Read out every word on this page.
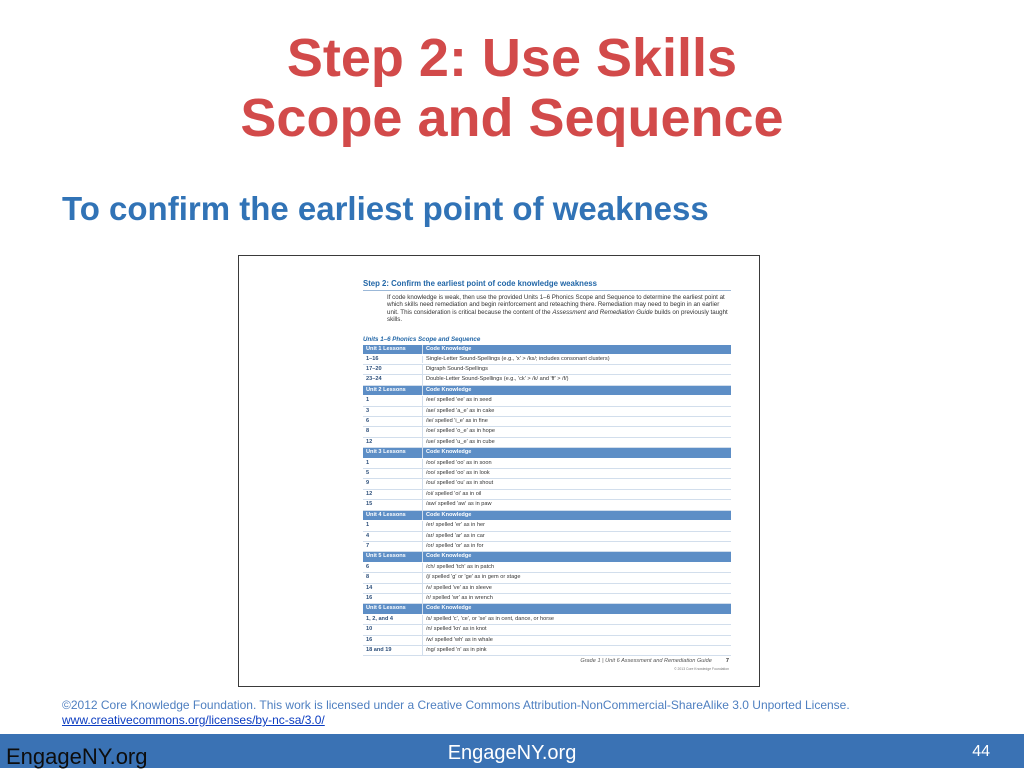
Step 2: Use Skills
Scope and Sequence
To confirm the earliest point of weakness
Step 2: Confirm the earliest point of code knowledge weakness
If code knowledge is weak, then use the provided Units 1–6 Phonics Scope and Sequence to determine the earliest point at which skills need remediation and begin reinforcement and reteaching there. Remediation may need to begin in an earlier unit. This consideration is critical because the content of the Assessment and Remediation Guide builds on previously taught skills.
Units 1–6 Phonics Scope and Sequence
Unit 1 Lessons	Code Knowledge
1–16	Single-Letter Sound-Spellings (e.g., 'x' > /ks/; includes consonant clusters)
17–20	Digraph Sound-Spellings
23–24	Double-Letter Sound-Spellings (e.g., 'ck' > /k/ and 'ff' > /f/)
Unit 2 Lessons	Code Knowledge
1	/ee/ spelled 'ee' as in seed
3	/ae/ spelled 'a_e' as in cake
6	/ie/ spelled 'i_e' as in fine
8	/oe/ spelled 'o_e' as in hope
12	/ue/ spelled 'u_e' as in cube
Unit 3 Lessons	Code Knowledge
1	/oo/ spelled 'oo' as in soon
5	/oo/ spelled 'oo' as in look
9	/ou/ spelled 'ou' as in shout
12	/oi/ spelled 'oi' as in oil
15	/aw/ spelled 'aw' as in paw
Unit 4 Lessons	Code Knowledge
1	/er/ spelled 'er' as in her
4	/ar/ spelled 'ar' as in car
7	/or/ spelled 'or' as in for
Unit 5 Lessons	Code Knowledge
6	/ch/ spelled 'tch' as in patch
8	/j/ spelled 'g' or 'ge' as in gem or stage
14	/v/ spelled 've' as in sleeve
16	/r/ spelled 'wr' as in wrench
Unit 6 Lessons	Code Knowledge
1, 2, and 4	/s/ spelled 'c', 'ce', or 'se' as in cent, dance, or horse
10	/n/ spelled 'kn' as in knot
16	/w/ spelled 'wh' as in whale
18 and 19	/ng/ spelled 'n' as in pink
Grade 1 | Unit 6 Assessment and Remediation Guide	7
© 2013 Core Knowledge Foundation
©2012 Core Knowledge Foundation. This work is licensed under a Creative Commons Attribution-NonCommercial-ShareAlike 3.0 Unported License.
www.creativecommons.org/licenses/by-nc-sa/3.0/
EngageNY.org	EngageNY.org	44
